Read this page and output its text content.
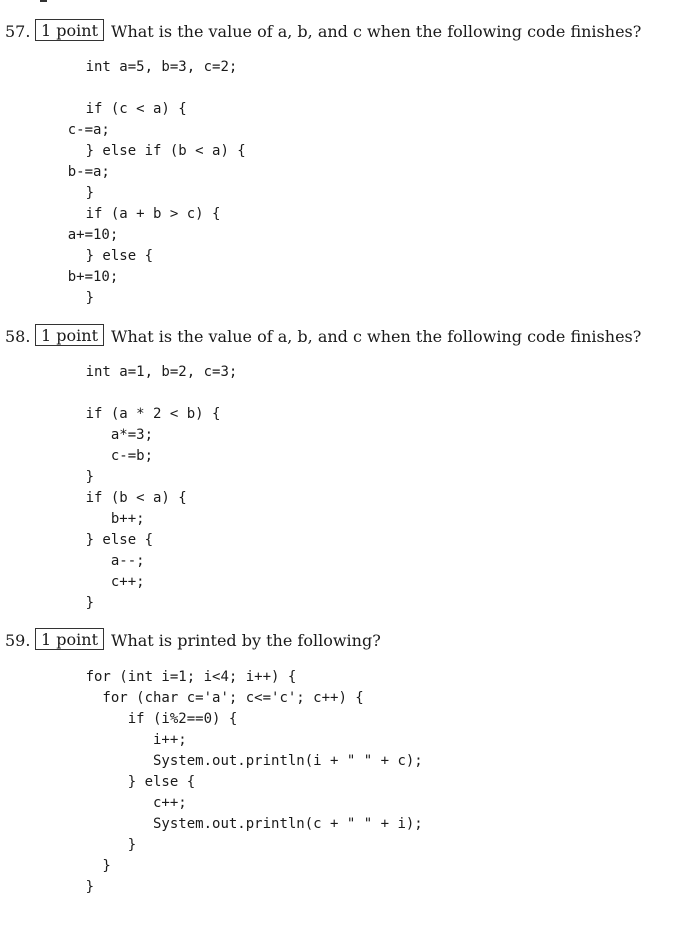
57. 1 point What is the value of a, b, and c when the following code finishes?

int a=5, b=3, c=2;

if (c < a) {

c-=a;

} else if (b < a) {

b-=a;

}

if (a + b > c) {

a+=10;

} else {

b+=10;

}

58. 1 point What is the value of a, b, and c when the following code finishes?

int a=1, b=2, c=3;

if (a * 2 < b) {

a*=3;

c-=b;

}

if (b < a) {

b++;

} else {

a--;

c++;

}

59. 1 point What is printed by the following?

for (int i=1; i<4; i++) {

for (char c='a'; c<='c'; c++) {

if (i%2==0) {

i++;

System.out.println(i + " " + c);

} else {

c++;

System.out.println(c + " " + i);

}

}

}
